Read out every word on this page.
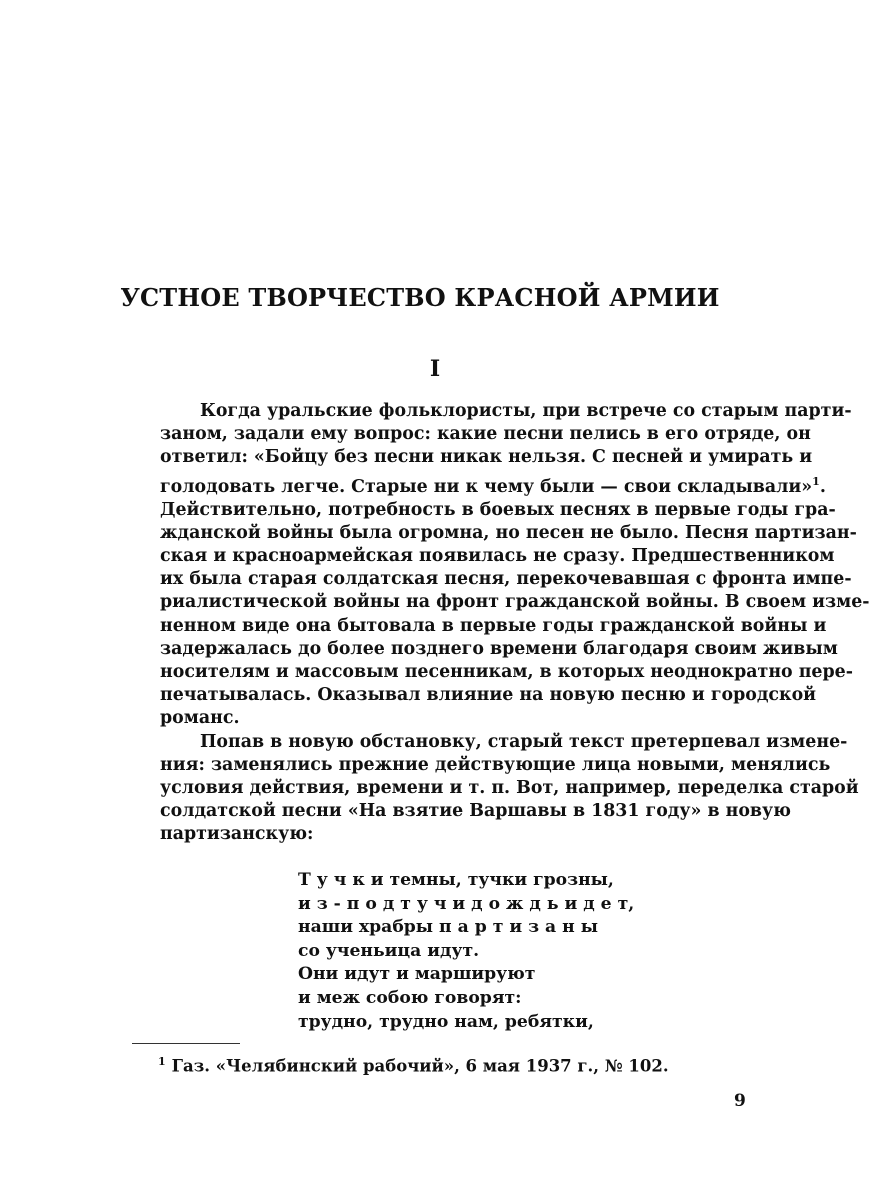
УСТНОЕ ТВОРЧЕСТВО КРАСНОЙ АРМИИ
I
Когда уральские фольклористы, при встрече со старым парти-
заном, задали ему вопрос: какие песни пелись в его отряде, он
ответил: «Бойцу без песни никак нельзя. С песней и умирать и
голодовать легче. Старые ни к чему были — свои складывали»$^1$.
Действительно, потребность в боевых песнях в первые годы гра-
жданской войны была огромна, но песен не было. Песня партизан-
ская и красноармейская появилась не сразу. Предшественником
их была старая солдатская песня, перекочевавшая с фронта импе-
риалистической войны на фронт гражданской войны. В своем изме-
ненном виде она бытовала в первые годы гражданской войны и
задержалась до более позднего времени благодаря своим живым
носителям и массовым песенникам, в которых неоднократно пере-
печатывалась. Оказывал влияние на новую песню и городской
романс.
Попав в новую обстановку, старый текст претерпевал измене-
ния: заменялись прежние действующие лица новыми, менялись
условия действия, времени и т. п. Вот, например, переделка старой
солдатской песни «На взятие Варшавы в 1831 году» в новую
партизанскую:
Т у ч к и темны, тучки грозны,
и з - п о д т у ч и д о ж д ь и д е т,
наши храбры п а р т и з а н ы
со ученьица идут.
Они идут и маршируют
и меж собою говорят:
трудно, трудно нам, ребятки,
$^1$ Газ. «Челябинский рабочий», 6 мая 1937 г., № 102.
9
